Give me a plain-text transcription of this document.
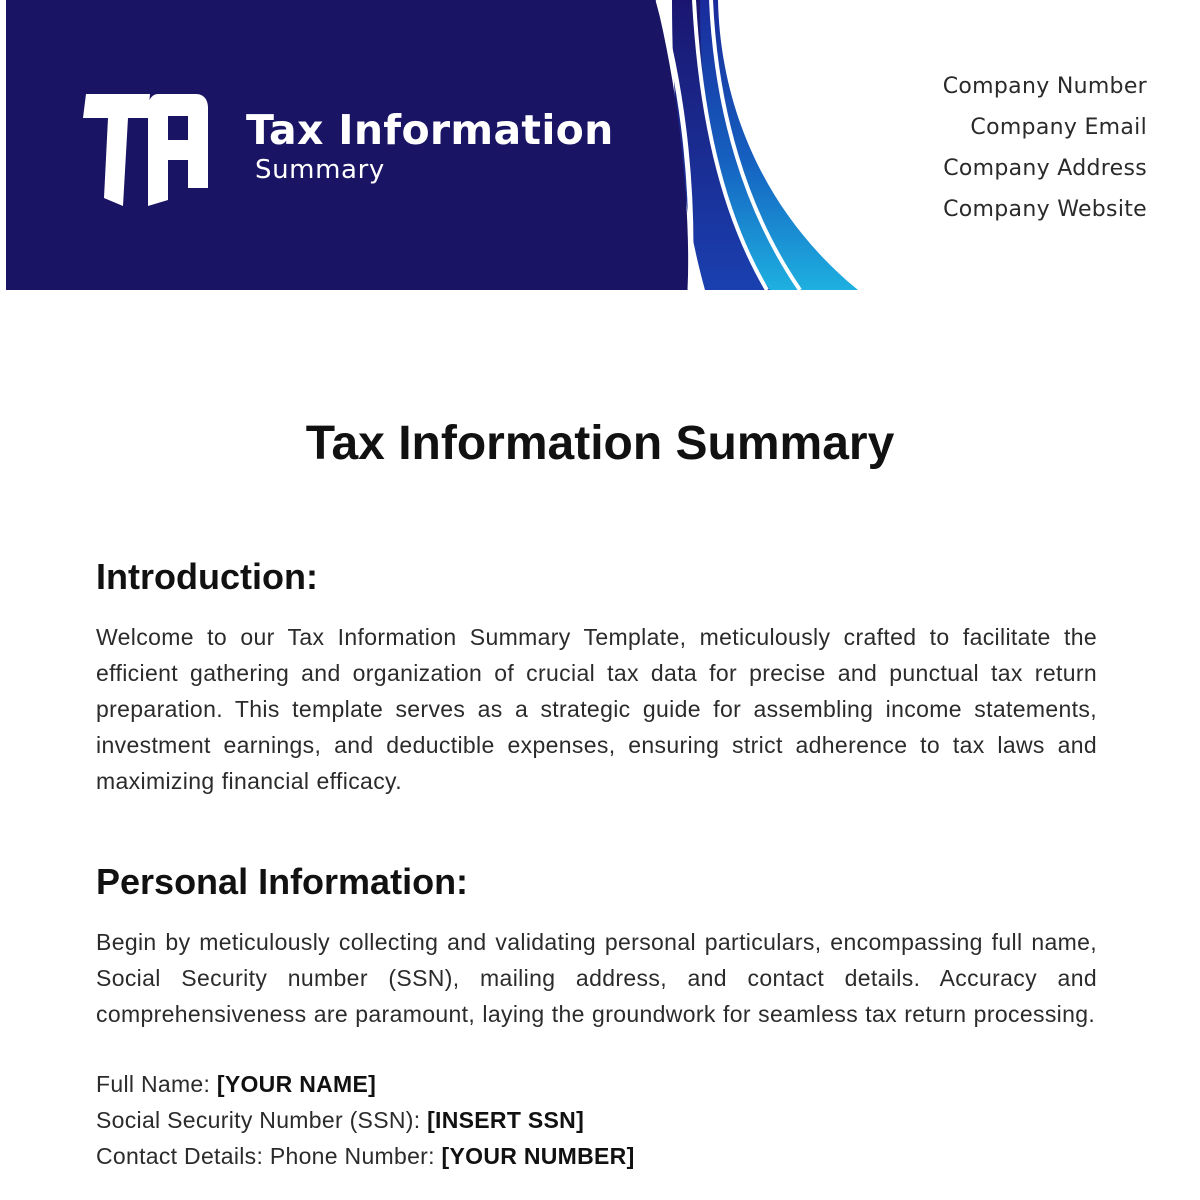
Tax Information
Summary
Company Number
Company Email
Company Address
Company Website
Tax Information Summary
Introduction:

Welcome to our Tax Information Summary Template, meticulously crafted to facilitate the efficient gathering and organization of crucial tax data for precise and punctual tax return preparation. This template serves as a strategic guide for assembling income statements, investment earnings, and deductible expenses, ensuring strict adherence to tax laws and maximizing financial efficacy.

Personal Information:

Begin by meticulously collecting and validating personal particulars, encompassing full name, Social Security number (SSN), mailing address, and contact details. Accuracy and comprehensiveness are paramount, laying the groundwork for seamless tax return processing.

Full Name: [YOUR NAME]
Social Security Number (SSN): [INSERT SSN]
Contact Details: Phone Number: [YOUR NUMBER]
